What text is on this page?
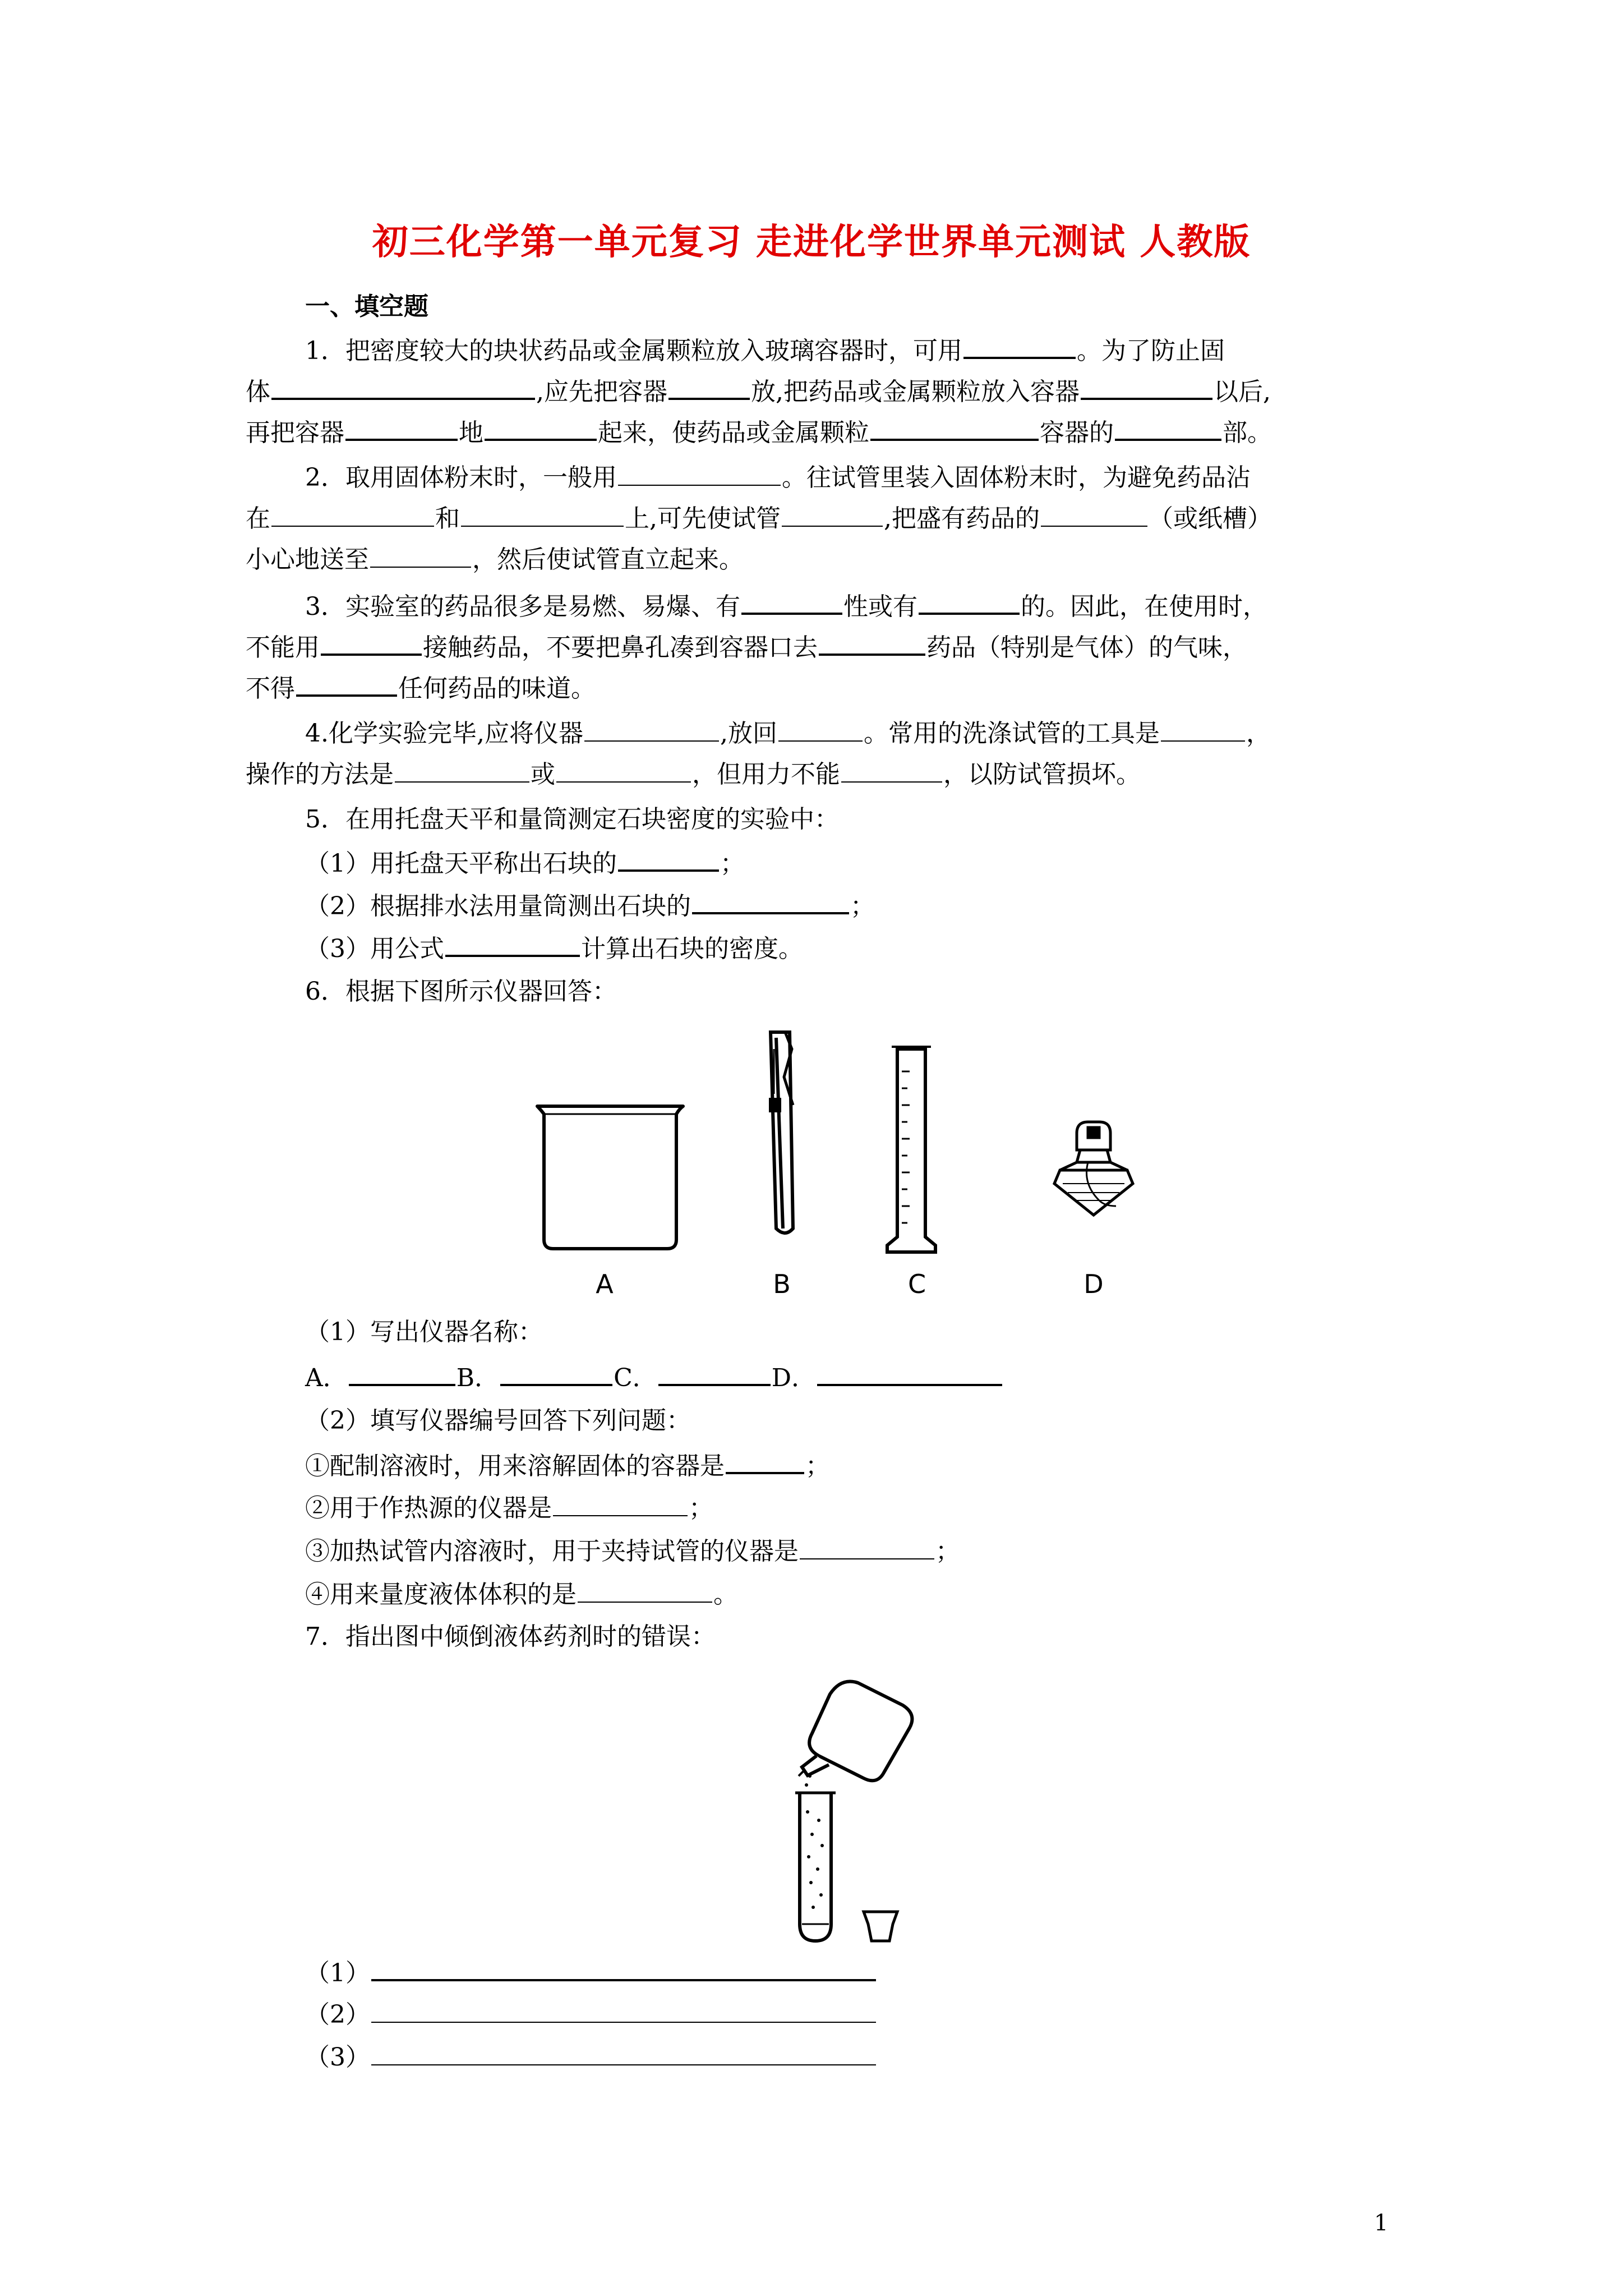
初三化学第一单元复习 走进化学世界单元测试 人教版
一、填空题
1．把密度较大的块状药品或金属颗粒放入玻璃容器时，可用	。为了防止固
体	,应先把容器	放,把药品或金属颗粒放入容器	以后,
再把容器	地	起来，使药品或金属颗粒	容器的	部。
2．取用固体粉末时，一般用	。往试管里装入固体粉末时，为避免药品沾
在	和	上,可先使试管	,把盛有药品的	（或纸槽）
小心地送至	，然后使试管直立起来。
3．实验室的药品很多是易燃、易爆、有	性或有	的。因此，在使用时，
不能用	接触药品，不要把鼻孔凑到容器口去	药品（特别是气体）的气味，
不得	任何药品的味道。
4.化学实验完毕,应将仪器	,放回	。常用的洗涤试管的工具是	，
操作的方法是	或	，但用力不能	，以防试管损坏。
5．在用托盘天平和量筒测定石块密度的实验中：
（1）用托盘天平称出石块的	；
（2）根据排水法用量筒测出石块的	；
（3）用公式	计算出石块的密度。
6．根据下图所示仪器回答：
A	B	C	D
（1）写出仪器名称：
A．	B．	C．	D．
（2）填写仪器编号回答下列问题：
①配制溶液时，用来溶解固体的容器是	；
②用于作热源的仪器是	；
③加热试管内溶液时，用于夹持试管的仪器是	；
④用来量度液体体积的是	。
7．指出图中倾倒液体药剂时的错误：
（1）
（2）
（3）
1
